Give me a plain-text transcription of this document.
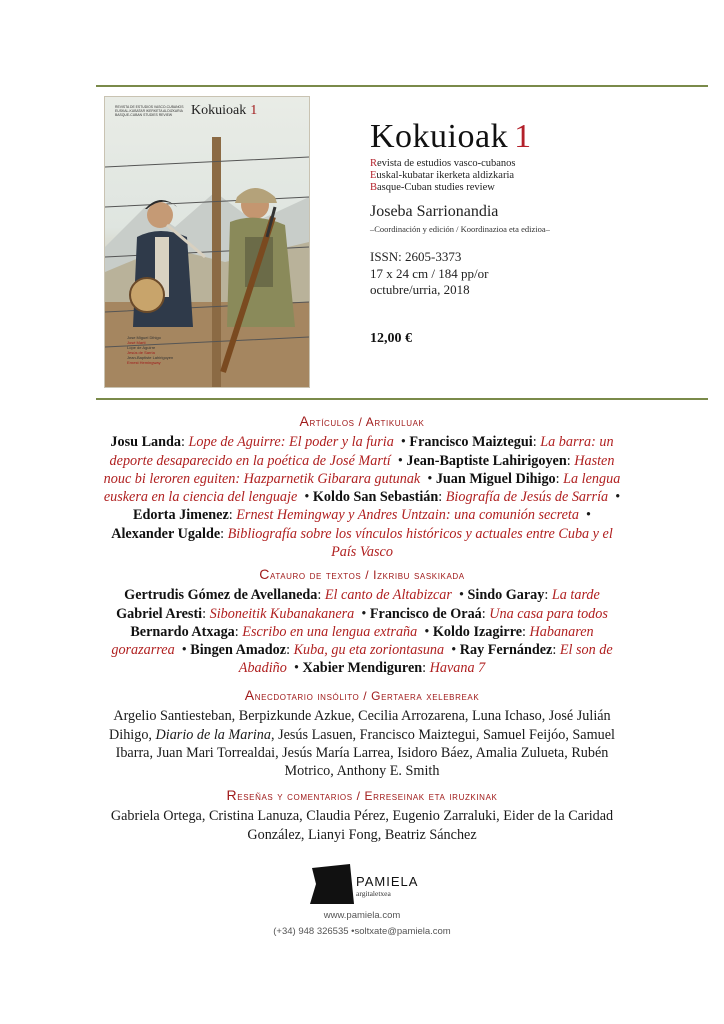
REVISTA DE ESTUDIOS VASCO-CUBANOS
EUSKAL-KUBATAR IKERKETA ALDIZKARIA
BASQUE-CUBAN STUDIES REVIEW	Kokuioak 1
Jose Miguel Dihigo
José Martí
Lope de Aguirre
Jesús de Sarria
Jean-Baptiste Lahirigoyen
Ernest Hemingway
Kokuioak 1
Revista de estudios vasco-cubanos
Euskal-kubatar ikerketa aldizkaria
Basque-Cuban studies review
Joseba Sarrionandia
–Coordinación y edición / Koordinazioa eta edizioa–
ISSN: 2605-3373
17 x 24 cm / 184 pp/or
octubre/urria, 2018
12,00 €
Artículos / Artikuluak
Josu Landa: Lope de Aguirre: El poder y la furia  • Francisco Maiztegui: La barra: un deporte desaparecido en la poética de José Martí  • Jean-Baptiste Lahirigoyen: Hasten nouc bi leroren eguiten: Hazparnetik Gibarara gutunak  • Juan Miguel Dihigo: La lengua euskera en la ciencia del lenguaje  • Koldo San Sebastián: Biografía de Jesús de Sarría  • Edorta Jimenez: Ernest Hemingway y Andres Untzain: una comunión secreta  • Alexander Ugalde: Bibliografía sobre los vínculos históricos y actuales entre Cuba y el País Vasco
Catauro de textos / Izkribu saskikada
Gertrudis Gómez de Avellaneda: El canto de Altabizcar  • Sindo Garay: La tarde
Gabriel Aresti: Siboneitik Kubanakanera  • Francisco de Oraá: Una casa para todos
Bernardo Atxaga: Escribo en una lengua extraña  • Koldo Izagirre: Habanaren gorazarrea  • Bingen Amadoz: Kuba, gu eta zoriontasuna  • Ray Fernández: El son de Abadiño  • Xabier Mendiguren: Havana 7
Anecdotario insólito / Gertaera xelebreak
Argelio Santiesteban, Berpizkunde Azkue, Cecilia Arrozarena, Luna Ichaso, José Julián Dihigo, Diario de la Marina, Jesús Lasuen, Francisco Maiztegui, Samuel Feijóo, Samuel Ibarra, Juan Mari Torrealdai, Jesús María Larrea, Isidoro Báez, Amalia Zulueta, Rubén Motrico, Anthony E. Smith
Reseñas y comentarios / Erreseinak eta iruzkinak
Gabriela Ortega, Cristina Lanuza, Claudia Pérez, Eugenio Zarraluki, Eider de la Caridad González, Lianyi Fong, Beatriz Sánchez
PAMIELA
argitaletxea
www.pamiela.com
(+34) 948 326535 •soltxate@pamiela.com
